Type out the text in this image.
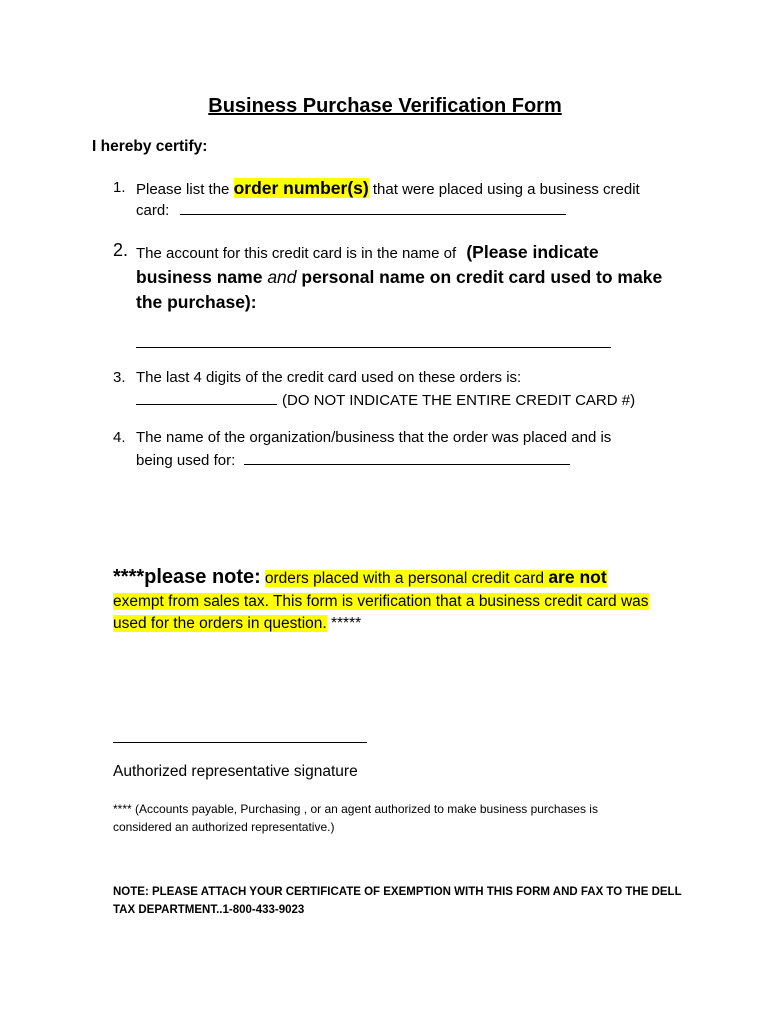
Business Purchase Verification Form
I hereby certify:
1. Please list the order number(s) that were placed using a business credit
card:
2. The account for this credit card is in the name of (Please indicate
business name and personal name on credit card used to make
the purchase):
3. The last 4 digits of the credit card used on these orders is:
(DO NOT INDICATE THE ENTIRE CREDIT CARD #)
4. The name of the organization/business that the order was placed and is
being used for:
****please note: orders placed with a personal credit card are not
exempt from sales tax. This form is verification that a business credit card was
used for the orders in question. *****
Authorized representative signature
**** (Accounts payable, Purchasing , or an agent authorized to make business purchases is
considered an authorized representative.)
NOTE: PLEASE ATTACH YOUR CERTIFICATE OF EXEMPTION WITH THIS FORM AND FAX TO THE DELL
TAX DEPARTMENT..1-800-433-9023
